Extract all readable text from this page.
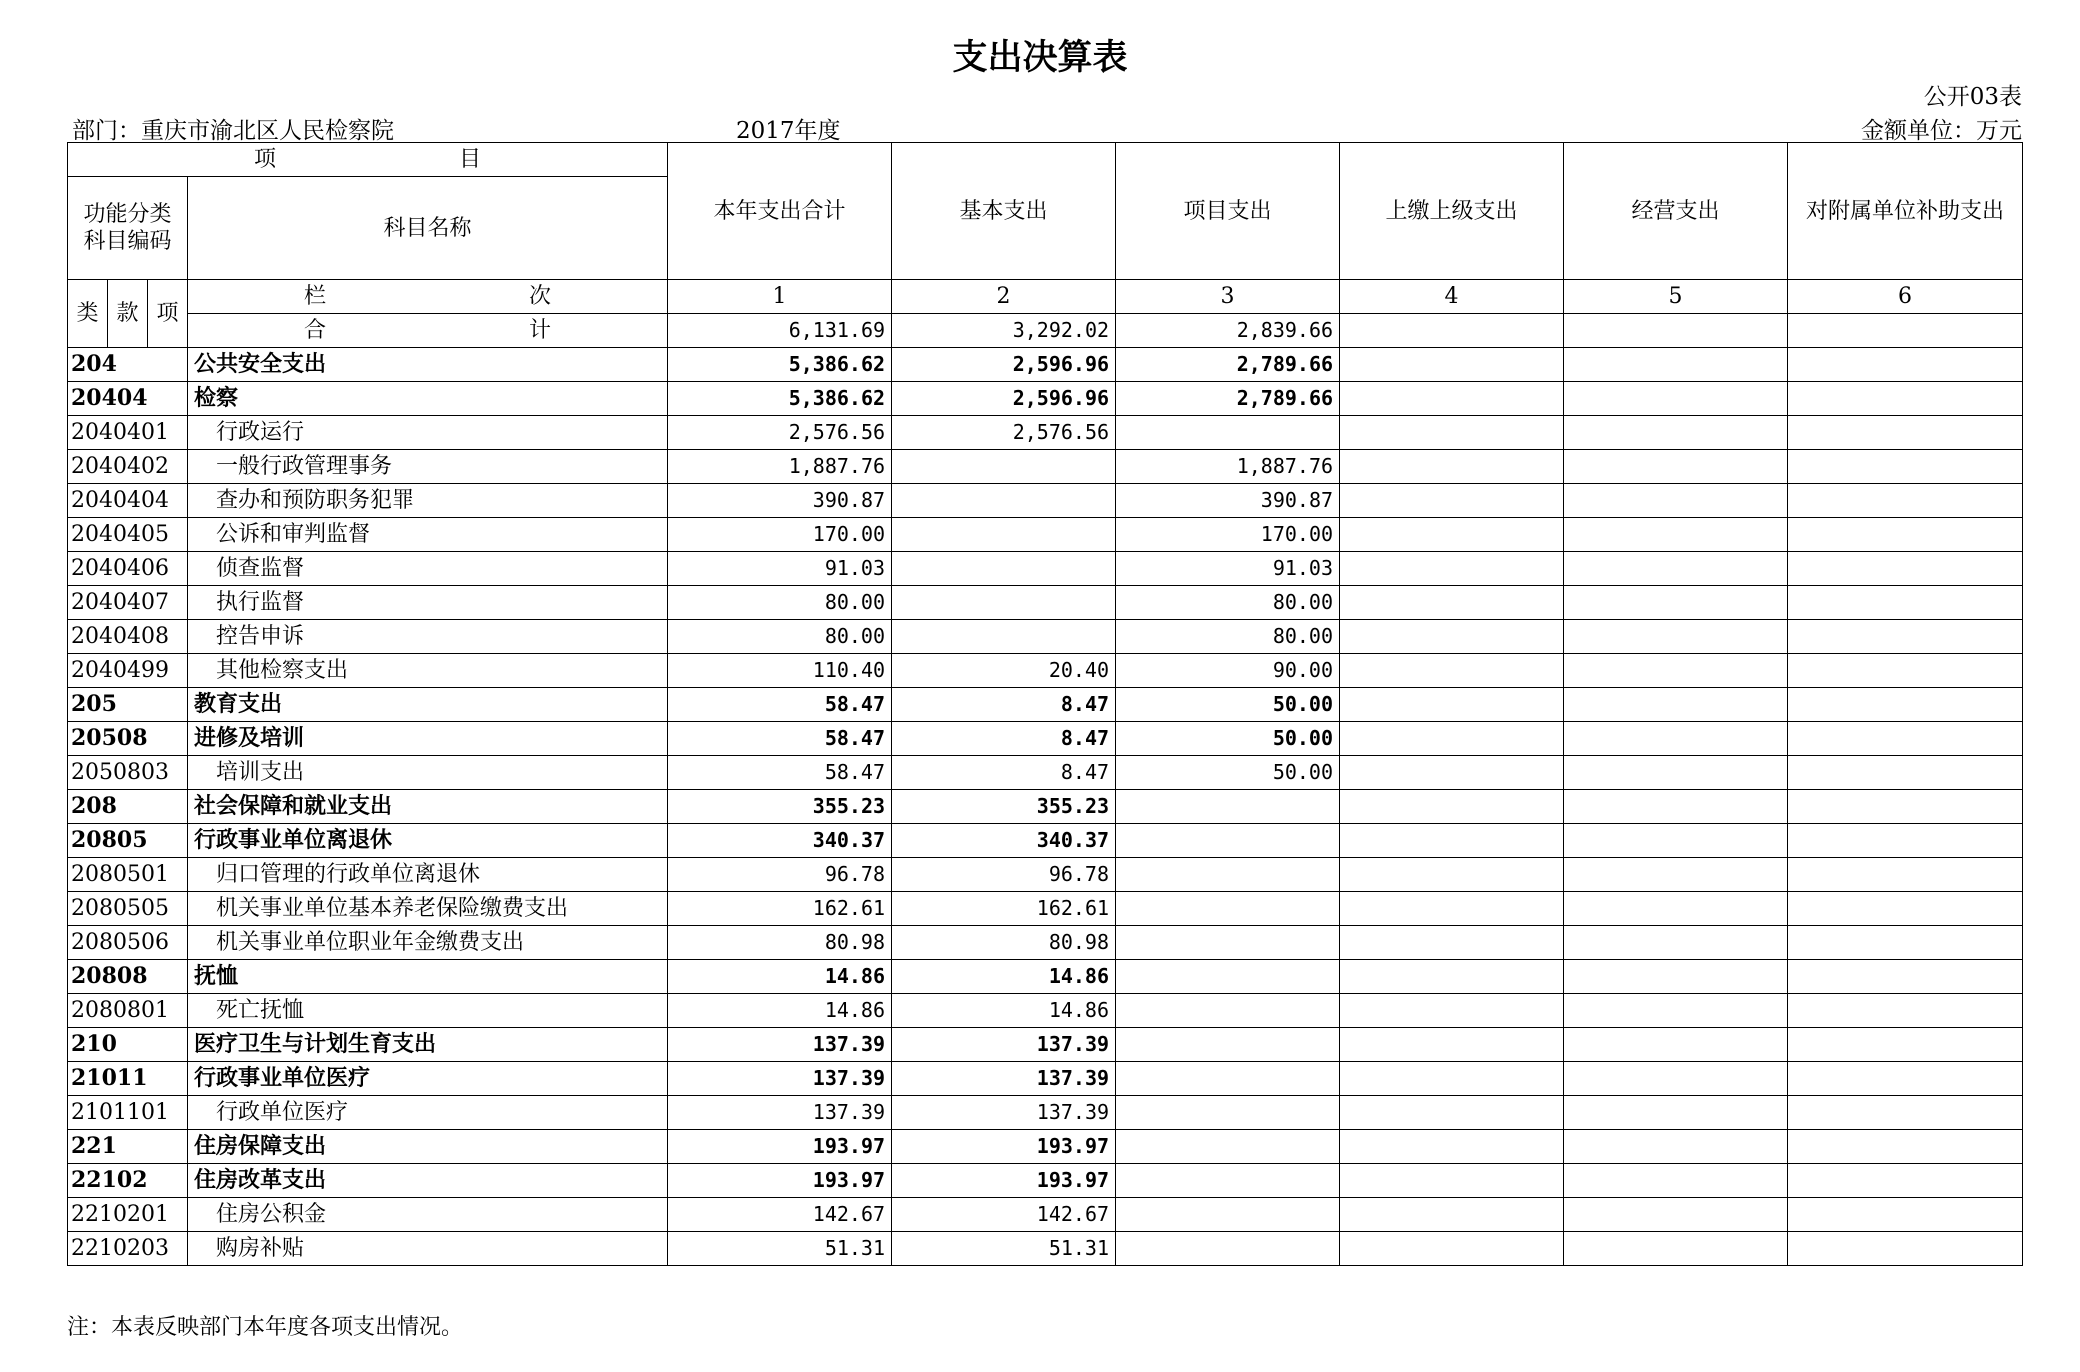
支出决算表
公开03表
部门：重庆市渝北区人民检察院	2017年度	金额单位：万元
项 目				本年支出合计	基本支出	项目支出	上缴上级支出	经营支出	对附属单位补助支出
功能分类科目编码			科目名称						

类	款	项	栏 次	1	2	3	4	5	6

			合 计	6,131.69	3,292.02	2,839.66			
204			公共安全支出	5,386.62	2,596.96	2,789.66			
20404			检察	5,386.62	2,596.96	2,789.66			
2040401			行政运行	2,576.56	2,576.56				
2040402			一般行政管理事务	1,887.76		1,887.76			
2040404			查办和预防职务犯罪	390.87		390.87			
2040405			公诉和审判监督	170.00		170.00			
2040406			侦查监督	91.03		91.03			
2040407			执行监督	80.00		80.00			
2040408			控告申诉	80.00		80.00			
2040499			其他检察支出	110.40	20.40	90.00			
205			教育支出	58.47	8.47	50.00			
20508			进修及培训	58.47	8.47	50.00			
2050803			培训支出	58.47	8.47	50.00			
208			社会保障和就业支出	355.23	355.23				
20805			行政事业单位离退休	340.37	340.37				
2080501			归口管理的行政单位离退休	96.78	96.78				
2080505			机关事业单位基本养老保险缴费支出	162.61	162.61				
2080506			机关事业单位职业年金缴费支出	80.98	80.98				
20808			抚恤	14.86	14.86				
2080801			死亡抚恤	14.86	14.86				
210			医疗卫生与计划生育支出	137.39	137.39				
21011			行政事业单位医疗	137.39	137.39				
2101101			行政单位医疗	137.39	137.39				
221			住房保障支出	193.97	193.97				
22102			住房改革支出	193.97	193.97				
2210201			住房公积金	142.67	142.67				
2210203			购房补贴	51.31	51.31				
注：本表反映部门本年度各项支出情况。
